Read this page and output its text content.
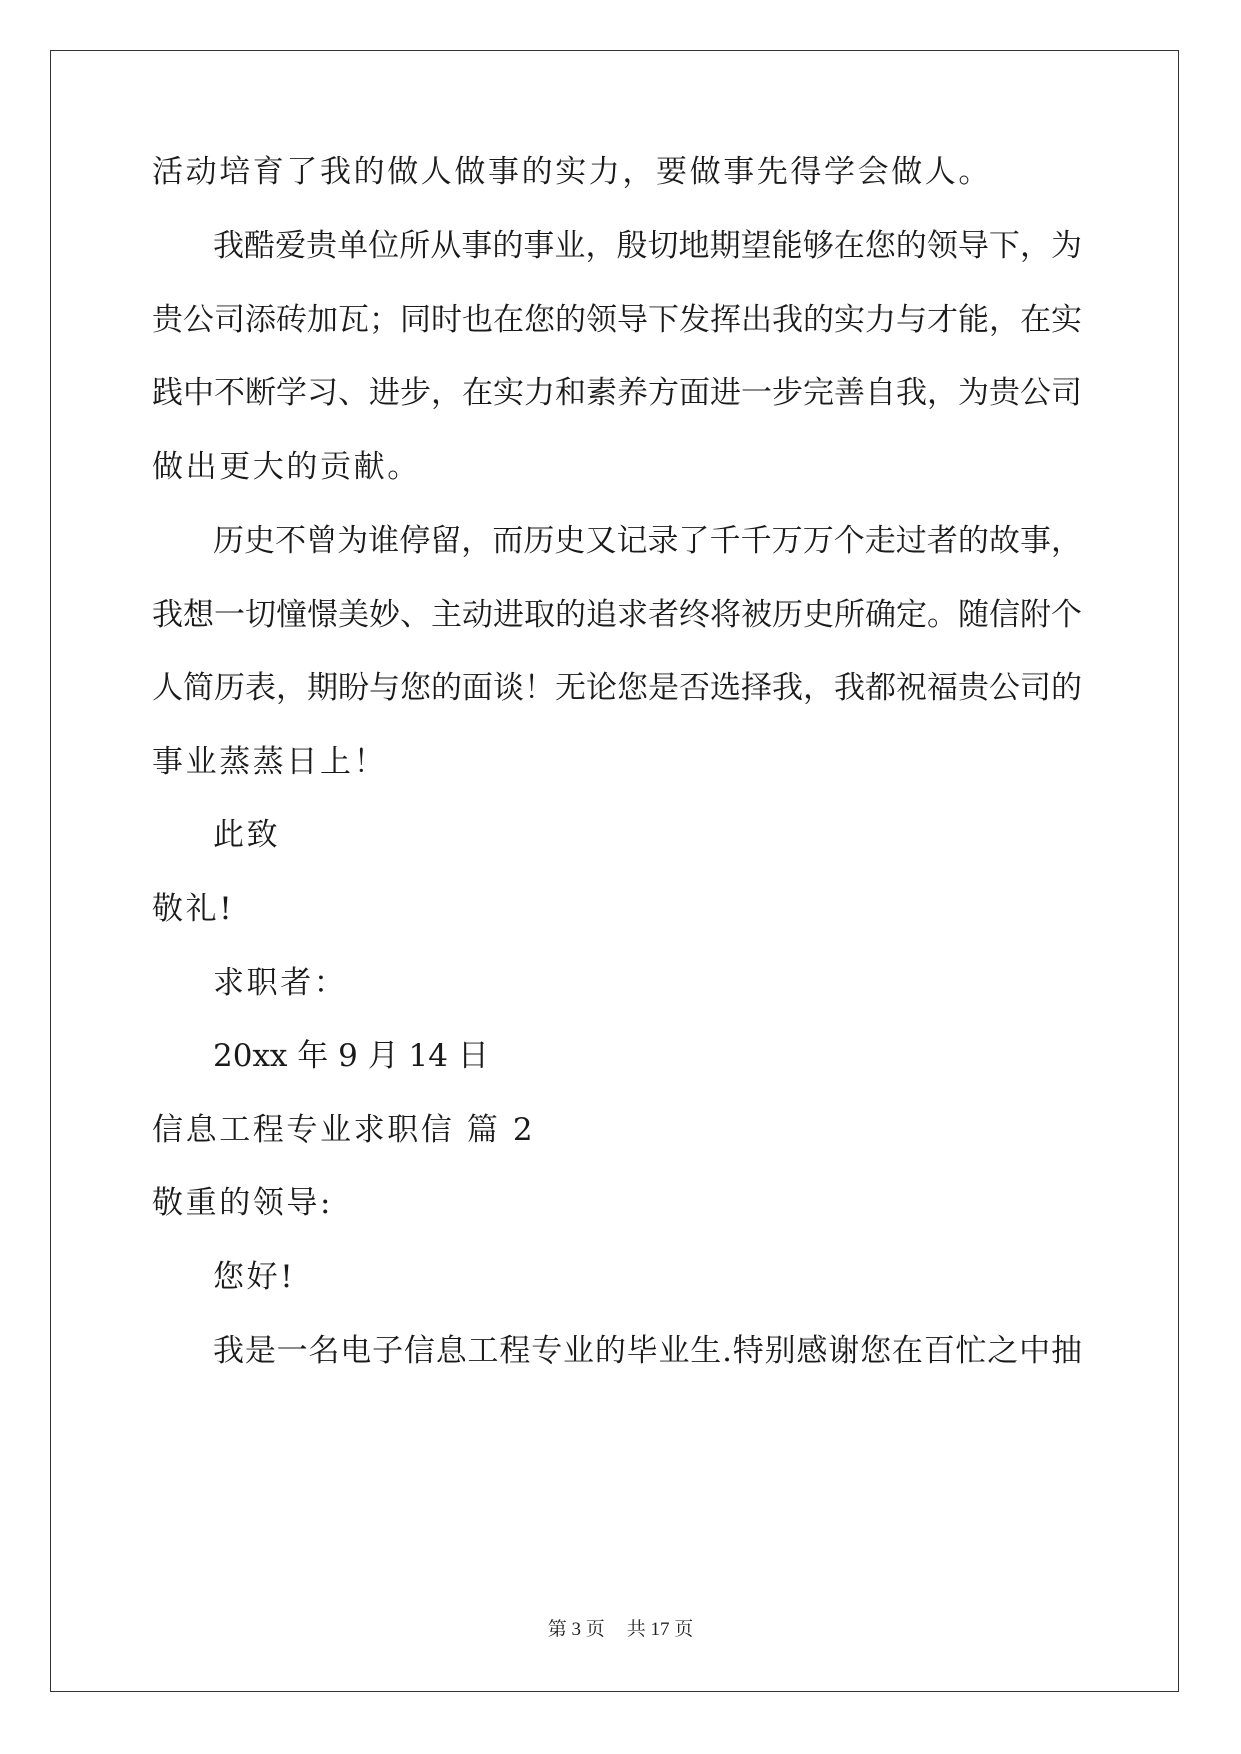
活动培育了我的做人做事的实力，要做事先得学会做人。
我酷爱贵单位所从事的事业，殷切地期望能够在您的领导下，为
贵公司添砖加瓦；同时也在您的领导下发挥出我的实力与才能，在实
践中不断学习、进步，在实力和素养方面进一步完善自我，为贵公司
做出更大的贡献。
历史不曾为谁停留，而历史又记录了千千万万个走过者的故事，
我想一切憧憬美妙、主动进取的追求者终将被历史所确定。随信附个
人简历表，期盼与您的面谈！无论您是否选择我，我都祝福贵公司的
事业蒸蒸日上！
此致
敬礼!
求职者：
20xx 年 9 月 14 日
信息工程专业求职信 篇 2
敬重的领导:
您好!
我是一名电子信息工程专业的毕业生.特别感谢您在百忙之中抽
第 3 页 共 17 页
